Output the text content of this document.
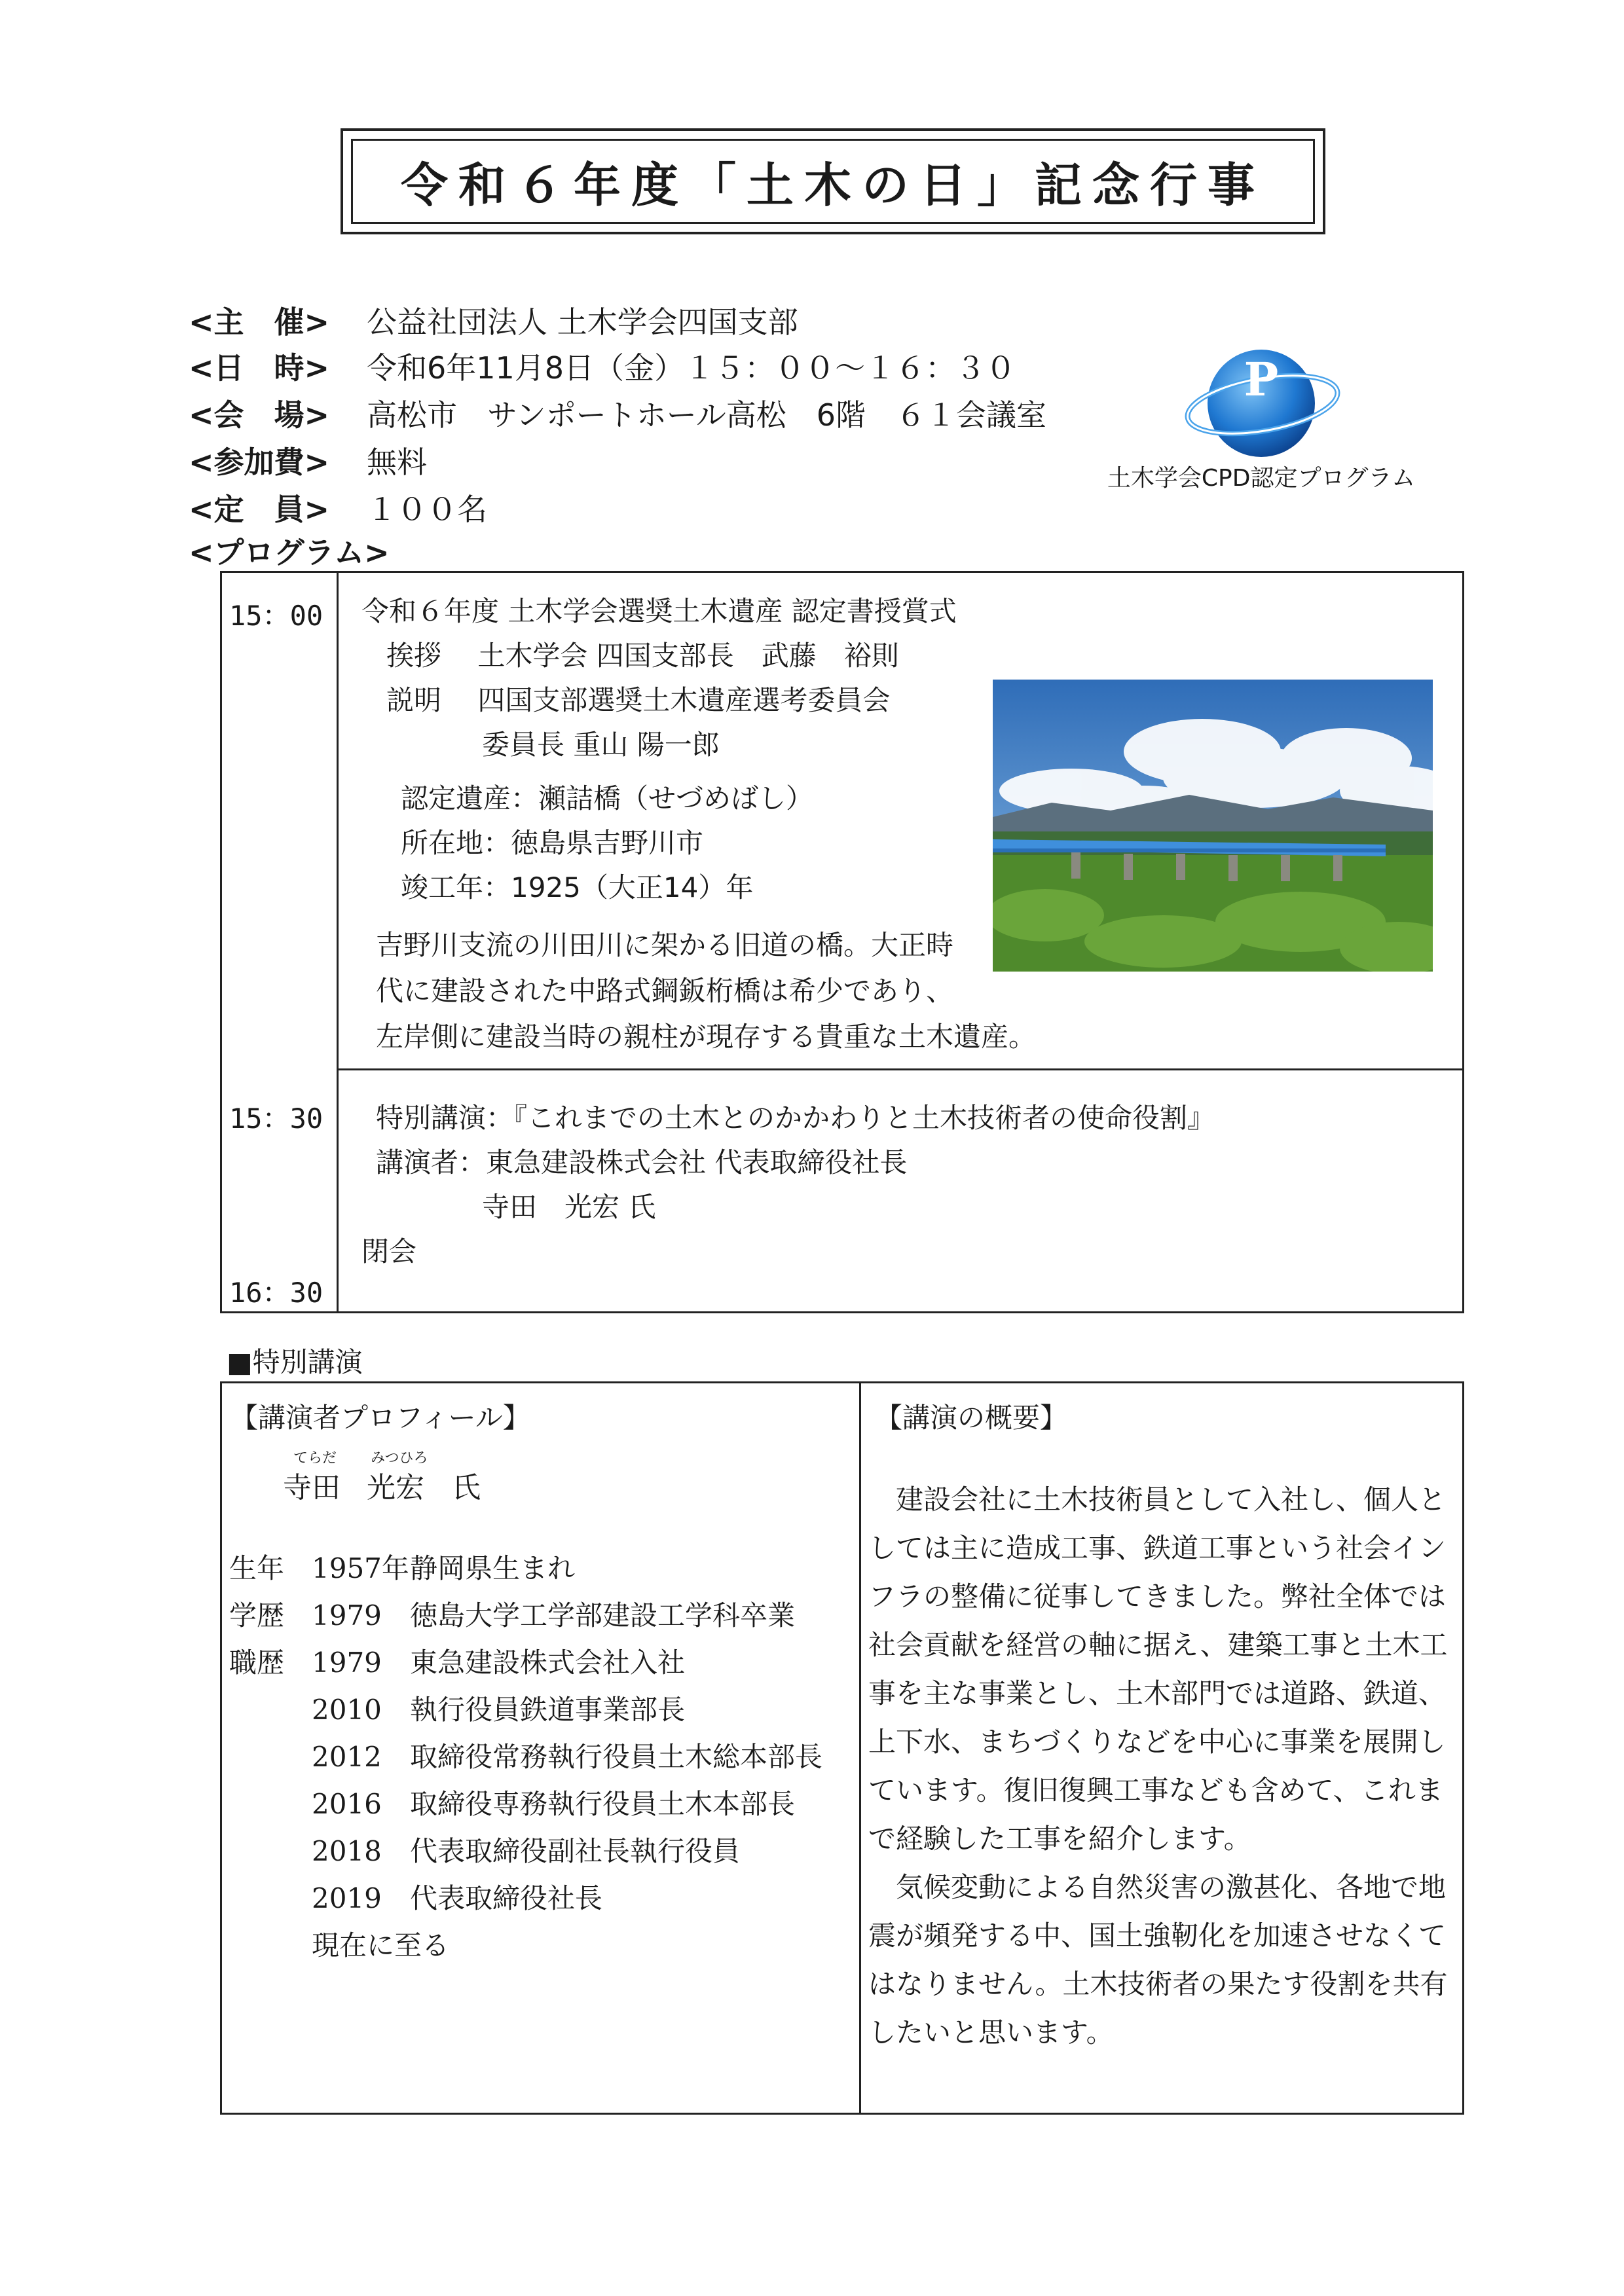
令和６年度「土木の日」記念行事
<主　催> 公益社団法人 土木学会四国支部
<日　時> 令和6年11月8日（金）１５：００～１６：３０
<会　場> 高松市　サンポートホール高松　6階　６１会議室
<参加費> 無料
<定　員> １００名
P
土木学会CPD認定プログラム
<プログラム>
15：00
15：30
16：30
令和６年度 土木学会選奨土木遺産 認定書授賞式
挨拶　 土木学会 四国支部長　武藤　裕則
説明　 四国支部選奨土木遺産選考委員会
委員長 重山 陽一郎
認定遺産：瀬詰橋（せづめばし）
所在地：徳島県吉野川市
竣工年：1925（大正14）年
吉野川支流の川田川に架かる旧道の橋。大正時
代に建設された中路式鋼鈑桁橋は希少であり、
左岸側に建設当時の親柱が現存する貴重な土木遺産。
特別講演：『これまでの土木とのかかわりと土木技術者の使命役割』
講演者：東急建設株式会社 代表取締役社長
寺田　光宏 氏
閉会
■特別講演
【講演者プロフィール】
てらだ みつひろ
寺田 光宏 氏
生年 1957年静岡県生まれ
学歴 1979 徳島大学工学部建設工学科卒業
職歴 1979 東急建設株式会社入社
2010 執行役員鉄道事業部長
2012 取締役常務執行役員土木総本部長
2016 取締役専務執行役員土木本部長
2018 代表取締役副社長執行役員
2019 代表取締役社長
現在に至る
【講演の概要】

建設会社に土木技術員として入社し、個人としては主に造成工事、鉄道工事という社会インフラの整備に従事してきました。弊社全体では社会貢献を経営の軸に据え、建築工事と土木工事を主な事業とし、土木部門では道路、鉄道、上下水、まちづくりなどを中心に事業を展開しています。復旧復興工事なども含めて、これまで経験した工事を紹介します。

気候変動による自然災害の激甚化、各地で地震が頻発する中、国土強靭化を加速させなくてはなりません。土木技術者の果たす役割を共有したいと思います。
